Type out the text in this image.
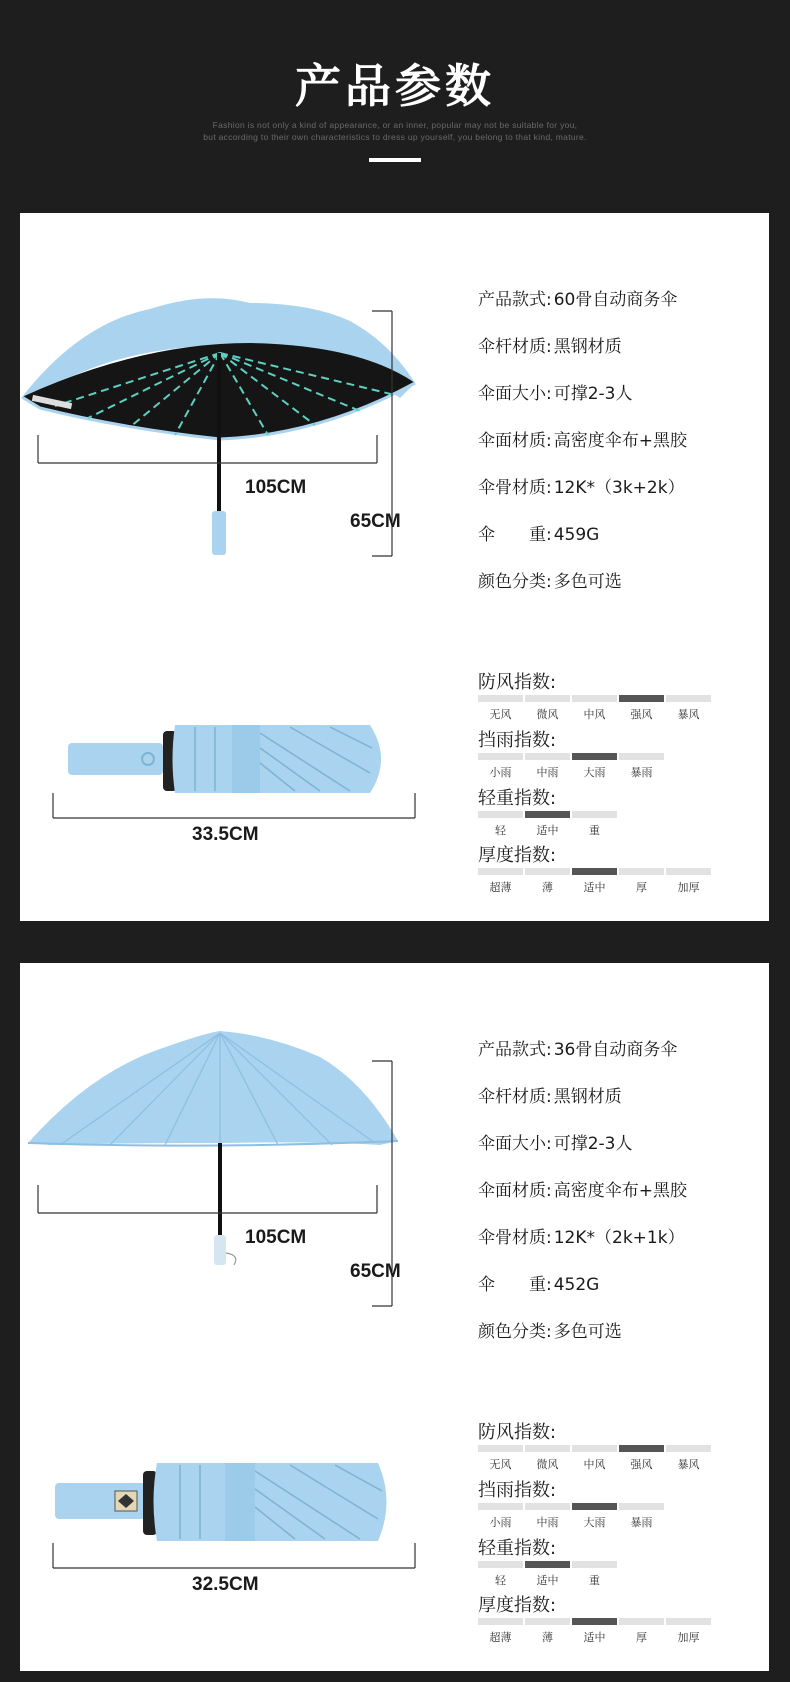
产品参数
Fashion is not only a kind of appearance, or an inner, popular may not be suitable for you,
but according to their own characteristics to dress up yourself, you belong to that kind, mature.
105CM
65CM
33.5CM
产品款式: 60骨自动商务伞
伞杆材质: 黑钢材质
伞面大小: 可撑2-3人
伞面材质: 高密度伞布+黑胶
伞骨材质: 12K*（3k+2k）
伞　　重: 459G
颜色分类: 多色可选
防风指数:
无风	微风	中风	强风	暴风
挡雨指数:
小雨	中雨	大雨	暴雨
轻重指数:
轻	适中	重
厚度指数:
超薄	薄	适中	厚	加厚
105CM
65CM
32.5CM
产品款式: 36骨自动商务伞
伞杆材质: 黑钢材质
伞面大小: 可撑2-3人
伞面材质: 高密度伞布+黑胶
伞骨材质: 12K*（2k+1k）
伞　　重: 452G
颜色分类: 多色可选
防风指数:
无风	微风	中风	强风	暴风
挡雨指数:
小雨	中雨	大雨	暴雨
轻重指数:
轻	适中	重
厚度指数:
超薄	薄	适中	厚	加厚
